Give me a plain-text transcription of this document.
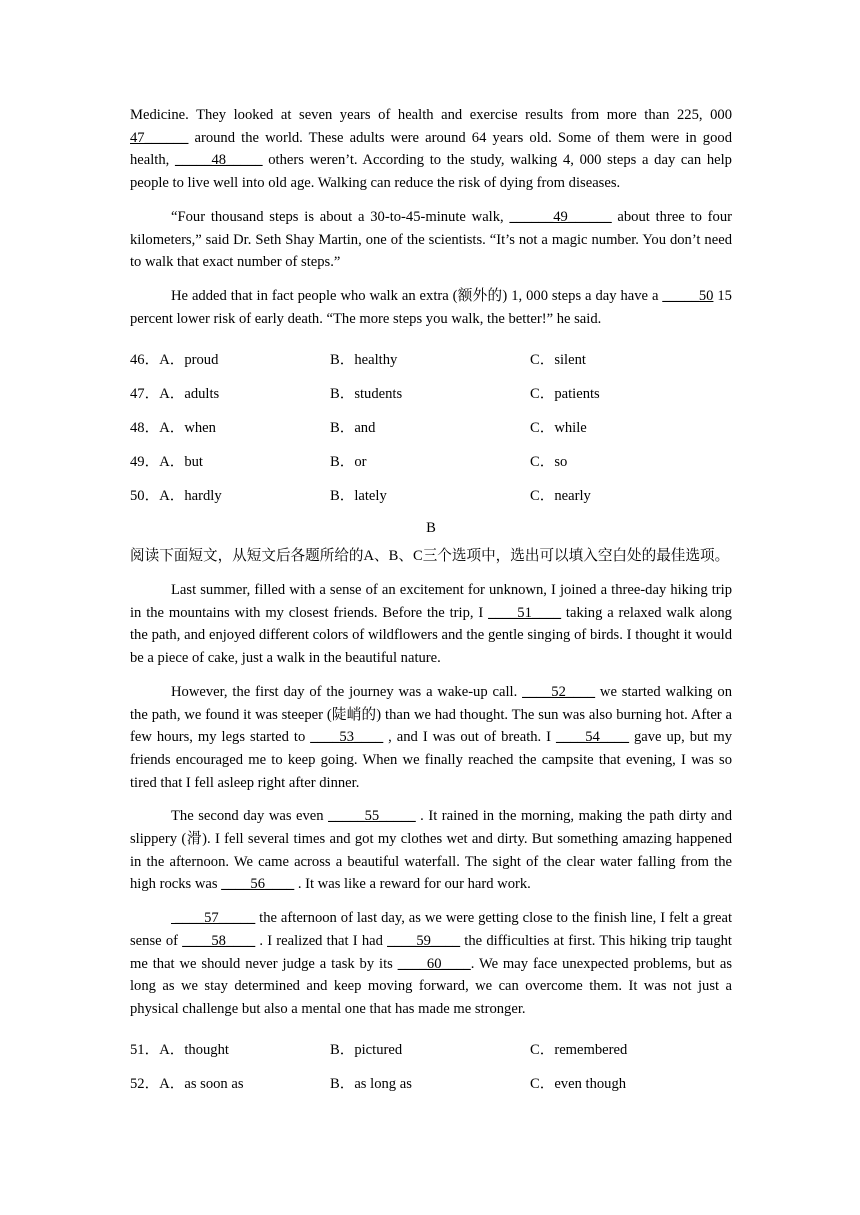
Medicine. They looked at seven years of health and exercise results from more than 225, 000 47______ around the world. These adults were around 64 years old. Some of them were in good health, _____48_____ others weren’t. According to the study, walking 4, 000 steps a day can help people to live well into old age. Walking can reduce the risk of dying from diseases.

“Four thousand steps is about a 30-to-45-minute walk, ______49______ about three to four kilometers,” said Dr. Seth Shay Martin, one of the scientists. “It’s not a magic number. You don’t need to walk that exact number of steps.”

He added that in fact people who walk an extra (额外的) 1, 000 steps a day have a _____50 15 percent lower risk of early death. “The more steps you walk, the better!” he said.

46．A．proud	B．healthy	C．silent
47．A．adults	B．students	C．patients
48．A．when	B．and	C．while
49．A．but	B．or	C．so
50．A．hardly	B．lately	C．nearly
B

阅读下面短文，从短文后各题所给的A、B、C三个选项中，选出可以填入空白处的最佳选项。

Last summer, filled with a sense of an excitement for unknown, I joined a three-day hiking trip in the mountains with my closest friends. Before the trip, I ____51____ taking a relaxed walk along the path, and enjoyed different colors of wildflowers and the gentle singing of birds. I thought it would be a piece of cake, just a walk in the beautiful nature.

However, the first day of the journey was a wake-up call. ____52____ we started walking on the path, we found it was steeper (陡峭的) than we had thought. The sun was also burning hot. After a few hours, my legs started to ____53____ , and I was out of breath. I ____54____ gave up, but my friends encouraged me to keep going. When we finally reached the campsite that evening, I was so tired that I fell asleep right after dinner.

The second day was even _____55_____ . It rained in the morning, making the path dirty and slippery (滑). I fell several times and got my clothes wet and dirty. But something amazing happened in the afternoon. We came across a beautiful waterfall. The sight of the clear water falling from the high rocks was ____56____ . It was like a reward for our hard work.

____57_____ the afternoon of last day, as we were getting close to the finish line, I felt a great sense of ____58____ . I realized that I had ____59____ the difficulties at first. This hiking trip taught me that we should never judge a task by its ____60____. We may face unexpected problems, but as long as we stay determined and keep moving forward, we can overcome them. It was not just a physical challenge but also a mental one that has made me stronger.

51．A．thought	B．pictured	C．remembered
52．A．as soon as	B．as long as	C．even though
